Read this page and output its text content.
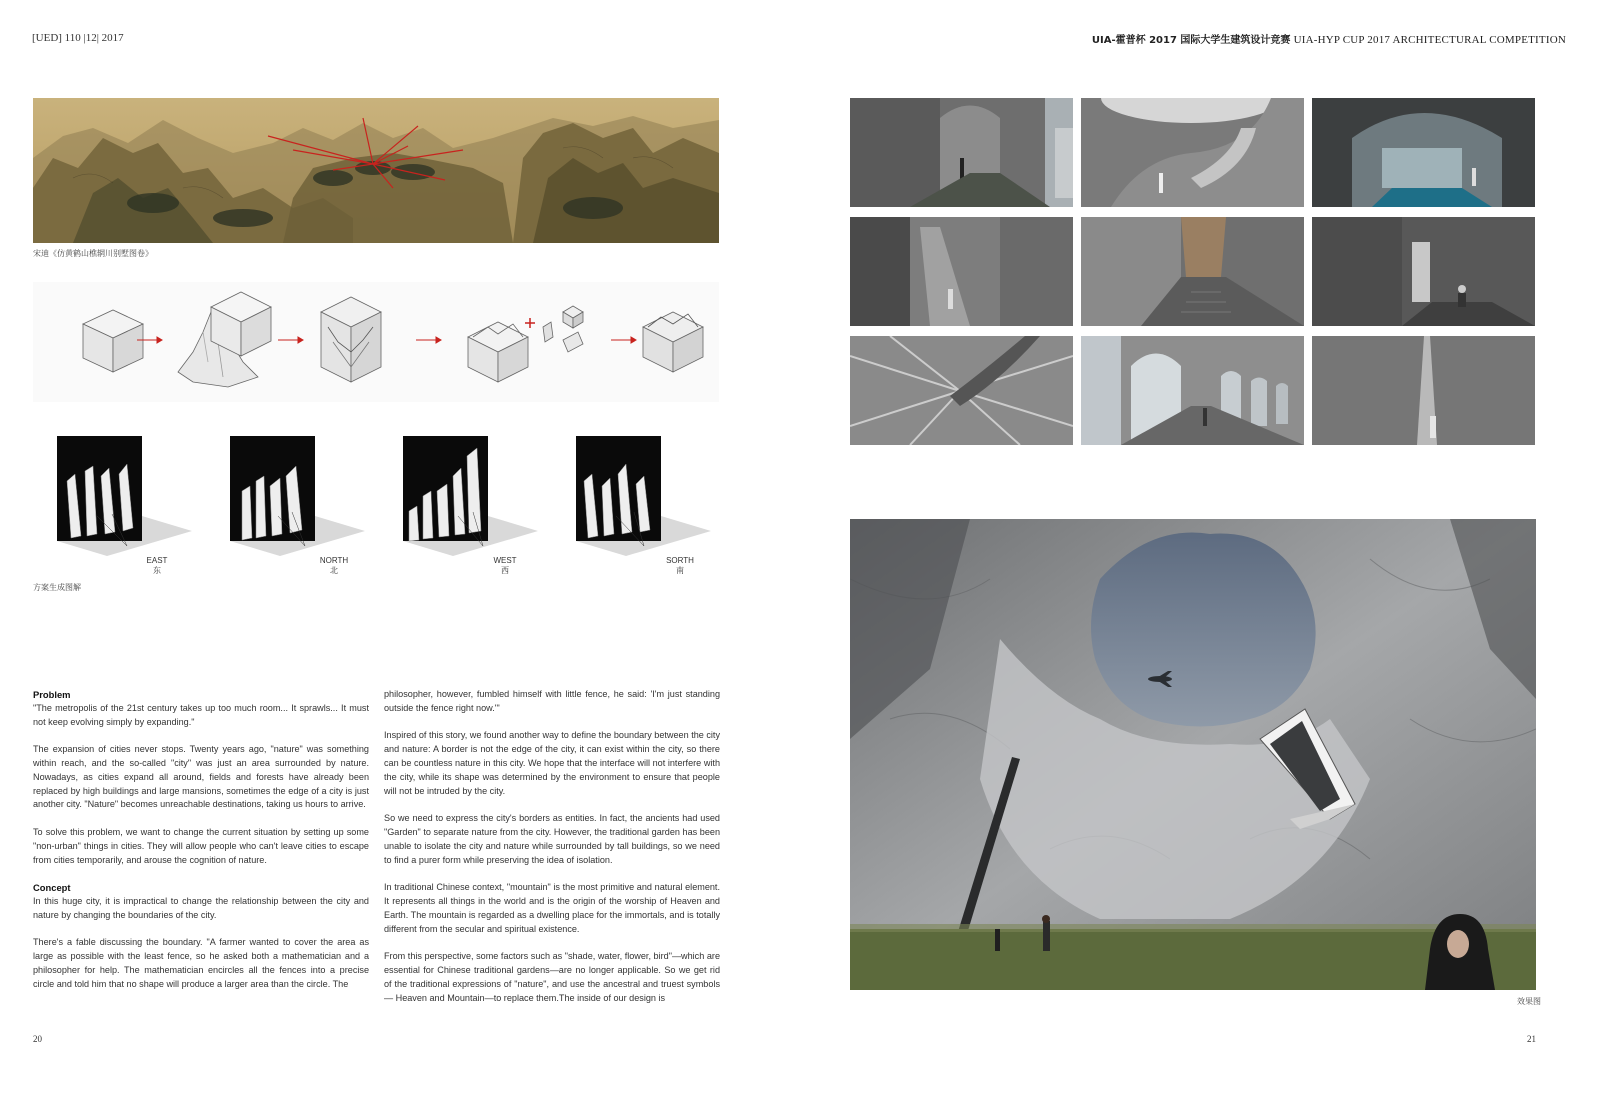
[UED] 110 |12| 2017	UIA-霍普杯 2017 国际大学生建筑设计竞赛 UIA-HYP CUP 2017 ARCHITECTURAL COMPETITION
宋迪《仿黄鹤山樵辋川别墅图卷》
EAST
东
NORTH
北
WEST
西
SORTH
南
方案生成图解
Problem

"The metropolis of the 21st century takes up too much room... It sprawls... It must not keep evolving simply by expanding."

The expansion of cities never stops. Twenty years ago, "nature" was something within reach, and the so-called "city" was just an area surrounded by nature. Nowadays, as cities expand all around, fields and forests have already been replaced by high buildings and large mansions, sometimes the edge of a city is just another city. "Nature" becomes unreachable destinations, taking us hours to arrive.

To solve this problem, we want to change the current situation by setting up some "non-urban" things in cities. They will allow people who can't leave cities to escape from cities temporarily, and arouse the cognition of nature.

Concept

In this huge city, it is impractical to change the relationship between the city and nature by changing the boundaries of the city.

There's a fable discussing the boundary. "A farmer wanted to cover the area as large as possible with the least fence, so he asked both a mathematician and a philosopher for help. The mathematician encircles all the fences into a precise circle and told him that no shape will produce a larger area than the circle. The

philosopher, however, fumbled himself with little fence, he said: 'I'm just standing outside the fence right now.'"

Inspired of this story, we found another way to define the boundary between the city and nature: A border is not the edge of the city, it can exist within the city, so there can be countless nature in this city. We hope that the interface will not interfere with the city, while its shape was determined by the environment to ensure that people will not be intruded by the city.

So we need to express the city's borders as entities. In fact, the ancients had used "Garden" to separate nature from the city. However, the traditional garden has been unable to isolate the city and nature while surrounded by tall buildings, so we need to find a purer form while preserving the idea of isolation.

In traditional Chinese context, "mountain" is the most primitive and natural element. It represents all things in the world and is the origin of the worship of Heaven and Earth. The mountain is regarded as a dwelling place for the immortals, and is totally different from the secular and spiritual existence.

From this perspective, some factors such as "shade, water, flower, bird"—which are essential for Chinese traditional gardens—are no longer applicable. So we get rid of the traditional expressions of "nature", and use the ancestral and truest symbols— Heaven and Mountain—to replace them.The inside of our design is

20	21
效果图
